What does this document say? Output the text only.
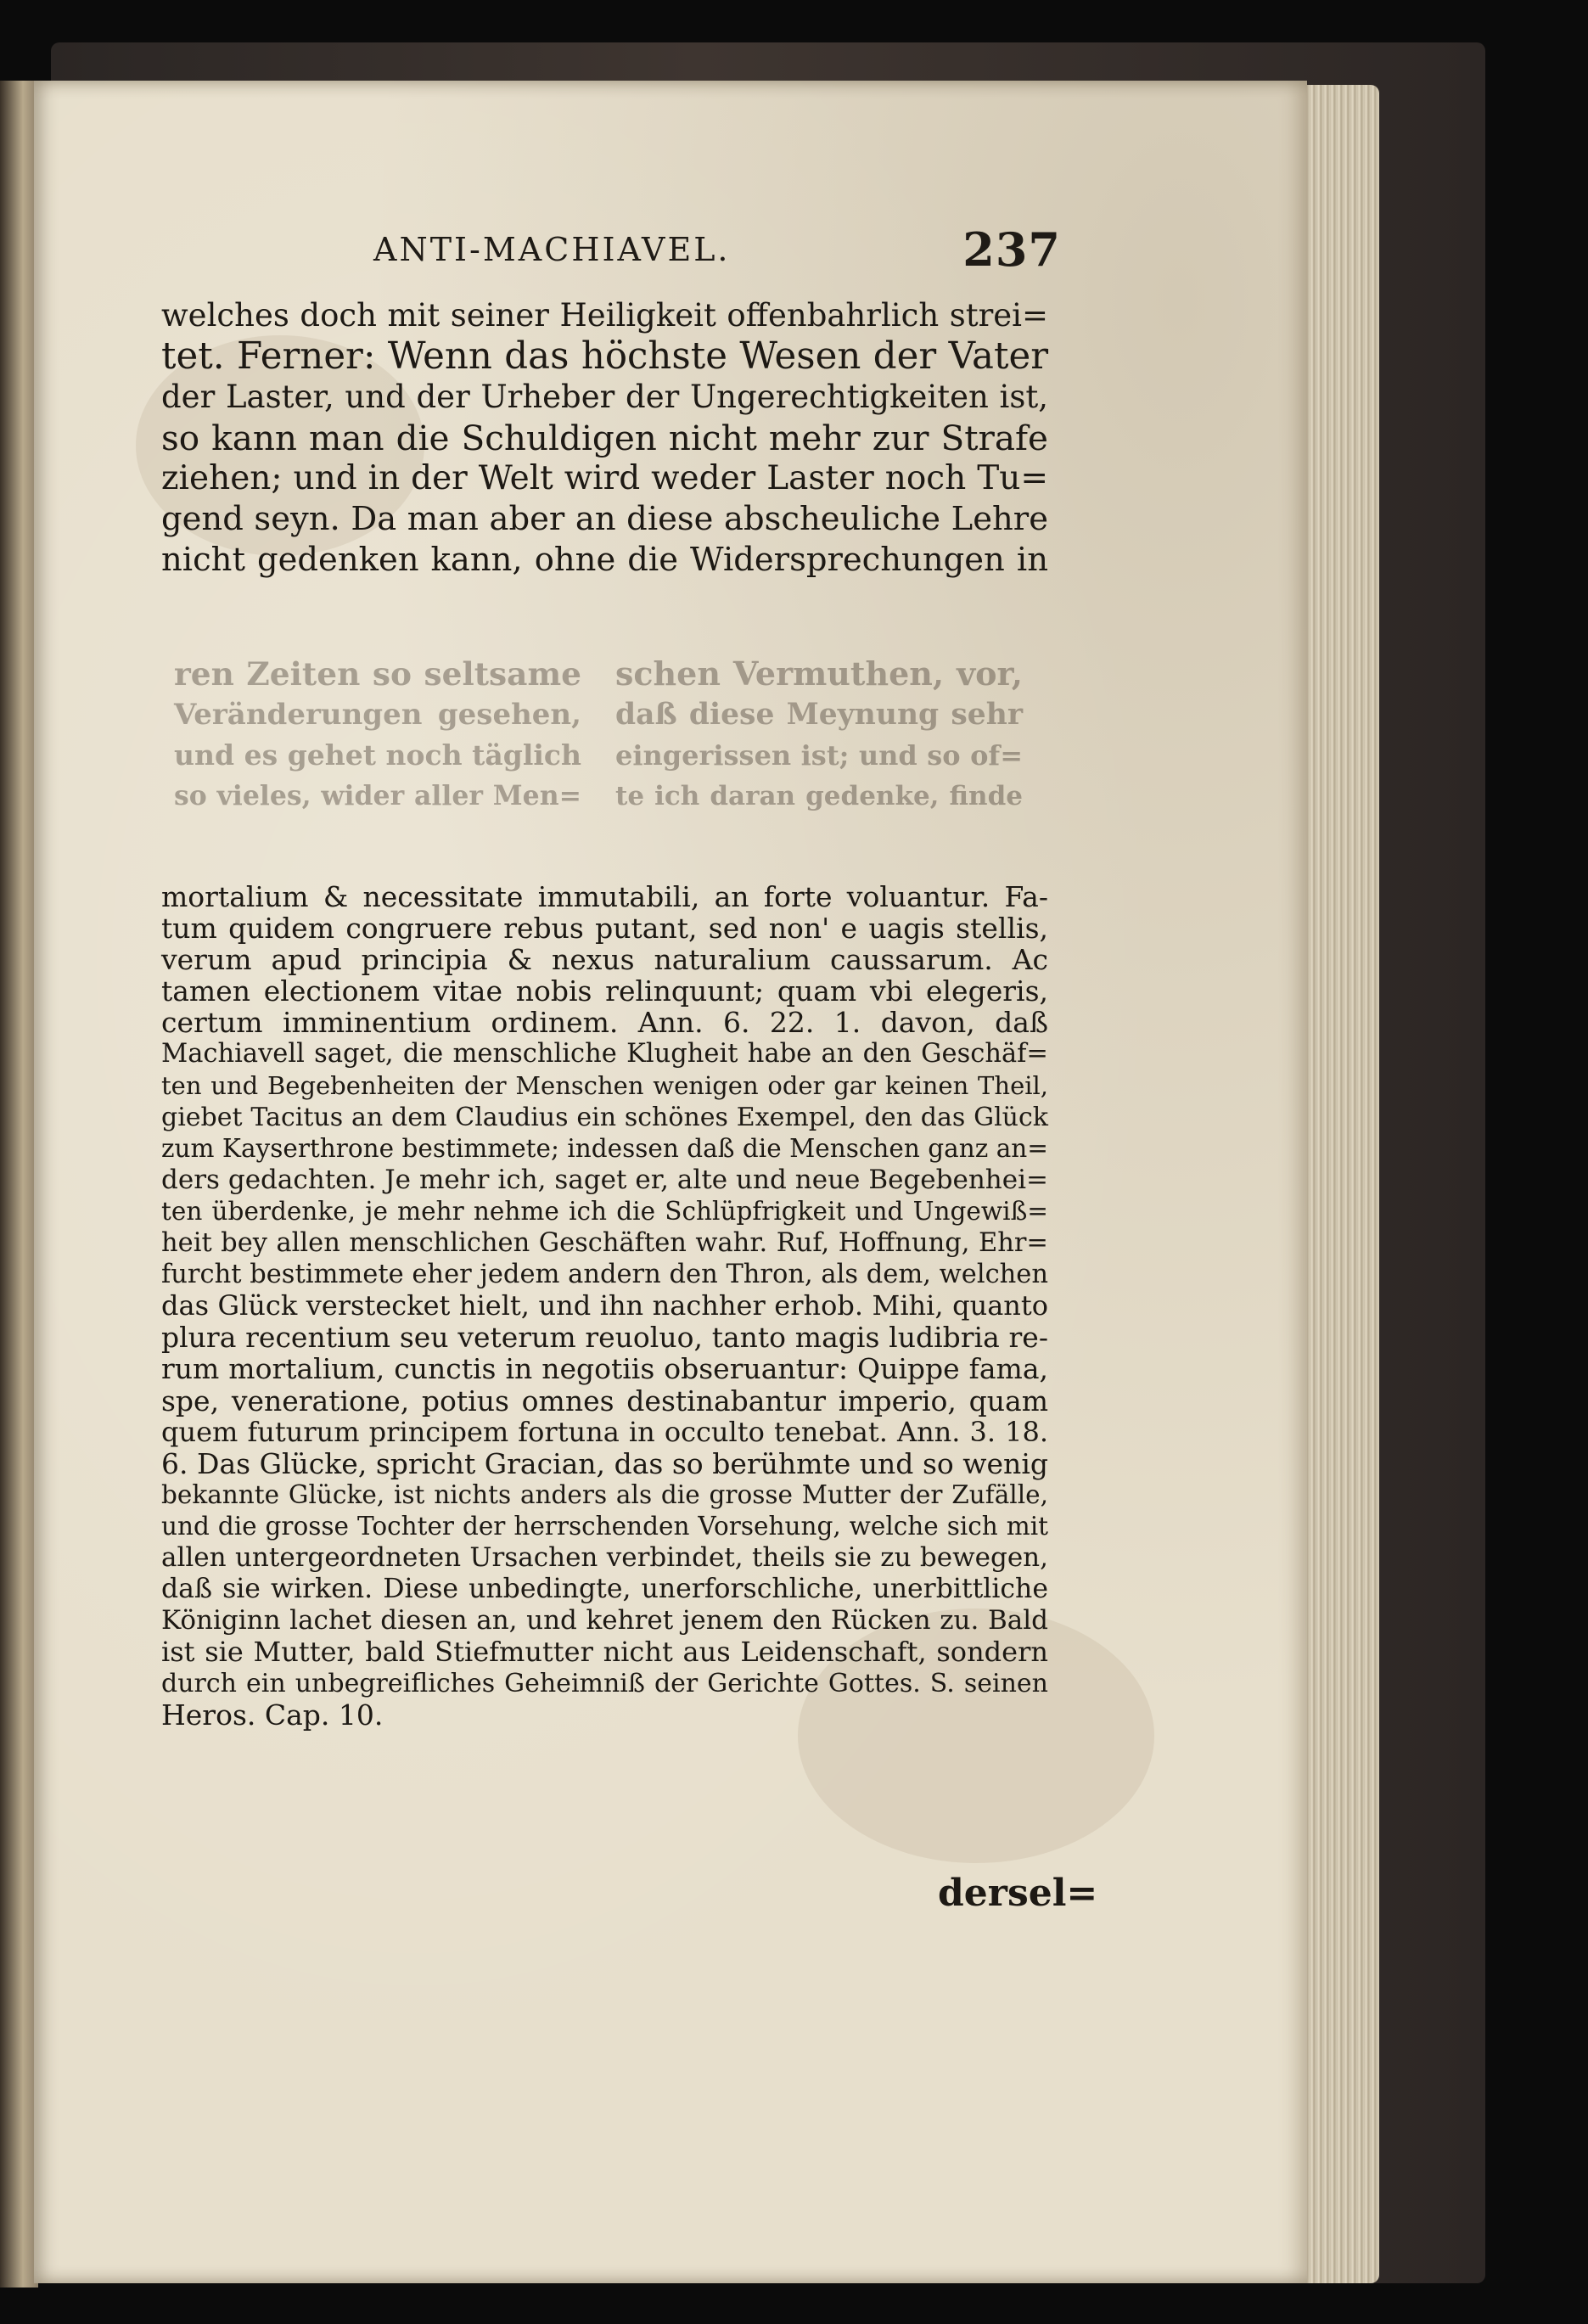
ANTI-MACHIAVEL.	237
welches doch mit seiner Heiligkeit offenbahrlich strei=
tet. Ferner: Wenn das höchste Wesen der Vater
der Laster, und der Urheber der Ungerechtigkeiten ist,
so kann man die Schuldigen nicht mehr zur Strafe
ziehen; und in der Welt wird weder Laster noch Tu=
gend seyn. Da man aber an diese abscheuliche Lehre
nicht gedenken kann, ohne die Widersprechungen in
ren Zeiten so seltsame
Veränderungen gesehen,
und es gehet noch täglich
so vieles, wider aller Men=
schen Vermuthen, vor,
daß diese Meynung sehr
eingerissen ist; und so of=
te ich daran gedenke, finde
mortalium & necessitate immutabili, an forte voluantur. Fa-
tum quidem congruere rebus putant, sed non' e uagis stellis,
verum apud principia & nexus naturalium caussarum. Ac
tamen electionem vitae nobis relinquunt; quam vbi elegeris,
certum imminentium ordinem. Ann. 6. 22. 1. davon, daß
Machiavell saget, die menschliche Klugheit habe an den Geschäf=
ten und Begebenheiten der Menschen wenigen oder gar keinen Theil,
giebet Tacitus an dem Claudius ein schönes Exempel, den das Glück
zum Kayserthrone bestimmete; indessen daß die Menschen ganz an=
ders gedachten. Je mehr ich, saget er, alte und neue Begebenhei=
ten überdenke, je mehr nehme ich die Schlüpfrigkeit und Ungewiß=
heit bey allen menschlichen Geschäften wahr. Ruf, Hoffnung, Ehr=
furcht bestimmete eher jedem andern den Thron, als dem, welchen
das Glück verstecket hielt, und ihn nachher erhob. Mihi, quanto
plura recentium seu veterum reuoluo, tanto magis ludibria re-
rum mortalium, cunctis in negotiis obseruantur: Quippe fama,
spe, veneratione, potius omnes destinabantur imperio, quam
quem futurum principem fortuna in occulto tenebat. Ann. 3. 18.
6. Das Glücke, spricht Gracian, das so berühmte und so wenig
bekannte Glücke, ist nichts anders als die grosse Mutter der Zufälle,
und die grosse Tochter der herrschenden Vorsehung, welche sich mit
allen untergeordneten Ursachen verbindet, theils sie zu bewegen,
daß sie wirken. Diese unbedingte, unerforschliche, unerbittliche
Königinn lachet diesen an, und kehret jenem den Rücken zu. Bald
ist sie Mutter, bald Stiefmutter nicht aus Leidenschaft, sondern
durch ein unbegreifliches Geheimniß der Gerichte Gottes. S. seinen
Heros. Cap. 10.
dersel=
